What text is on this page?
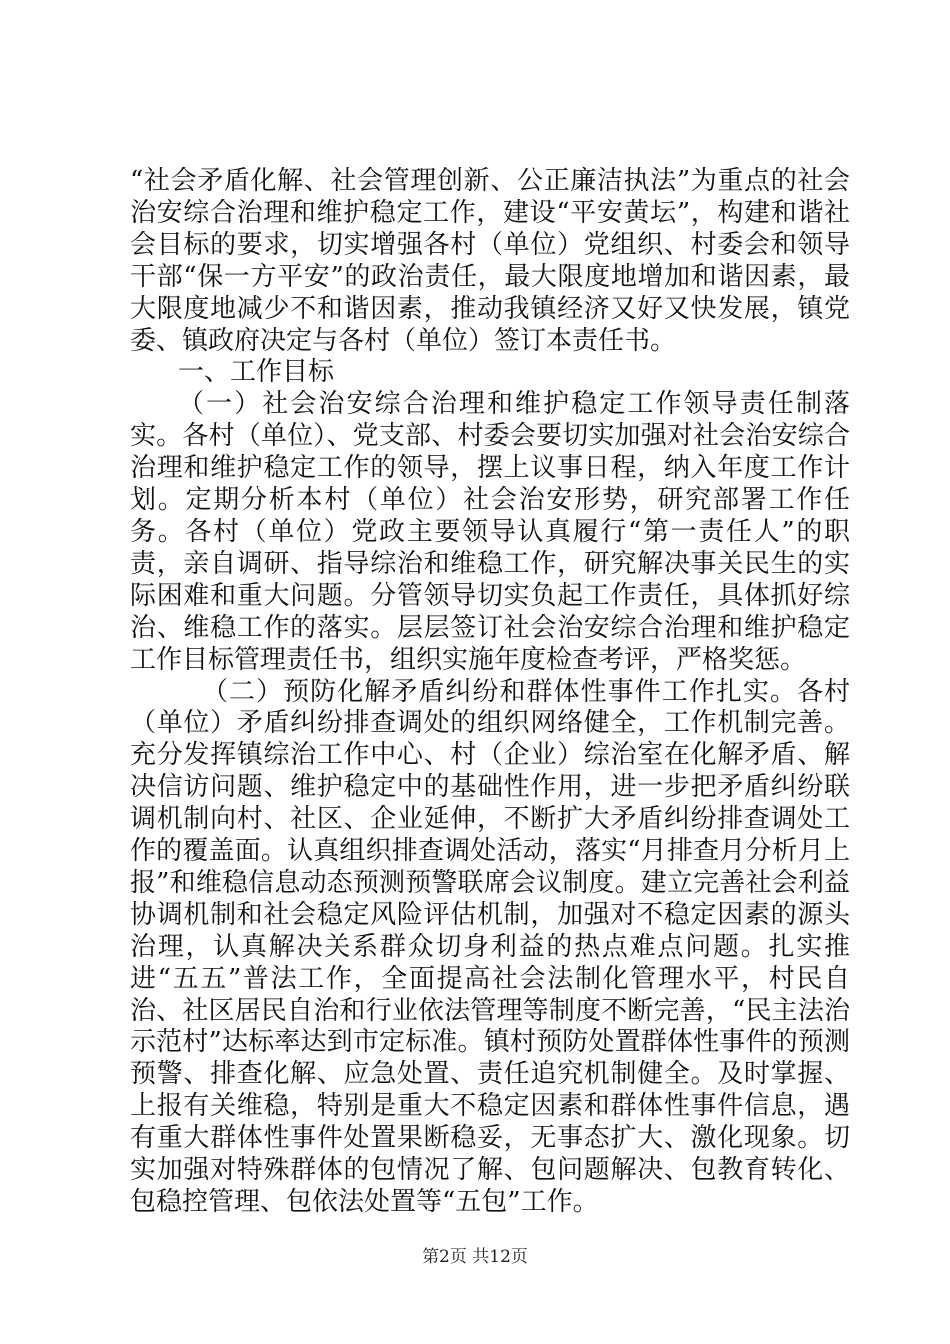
“社会矛盾化解、社会管理创新、公正廉洁执法”为重点的社会治安综合治理和维护稳定工作，建设“平安黄坛”，构建和谐社会目标的要求，切实增强各村（单位）党组织、村委会和领导干部“保一方平安”的政治责任，最大限度地增加和谐因素，最大限度地减少不和谐因素，推动我镇经济又好又快发展，镇党委、镇政府决定与各村（单位）签订本责任书。

一、工作目标

（一）社会治安综合治理和维护稳定工作领导责任制落实。各村（单位）、党支部、村委会要切实加强对社会治安综合治理和维护稳定工作的领导，摆上议事日程，纳入年度工作计划。定期分析本村（单位）社会治安形势，研究部署工作任务。各村（单位）党政主要领导认真履行“第一责任人”的职责，亲自调研、指导综治和维稳工作，研究解决事关民生的实际困难和重大问题。分管领导切实负起工作责任，具体抓好综治、维稳工作的落实。层层签订社会治安综合治理和维护稳定工作目标管理责任书，组织实施年度检查考评，严格奖惩。

（二）预防化解矛盾纠纷和群体性事件工作扎实。各村（单位）矛盾纠纷排查调处的组织网络健全，工作机制完善。充分发挥镇综治工作中心、村（企业）综治室在化解矛盾、解决信访问题、维护稳定中的基础性作用，进一步把矛盾纠纷联调机制向村、社区、企业延伸，不断扩大矛盾纠纷排查调处工作的覆盖面。认真组织排查调处活动，落实“月排查月分析月上报”和维稳信息动态预测预警联席会议制度。建立完善社会利益协调机制和社会稳定风险评估机制，加强对不稳定因素的源头治理，认真解决关系群众切身利益的热点难点问题。扎实推进“五五”普法工作，全面提高社会法制化管理水平，村民自治、社区居民自治和行业依法管理等制度不断完善，“民主法治示范村”达标率达到市定标准。镇村预防处置群体性事件的预测预警、排查化解、应急处置、责任追究机制健全。及时掌握、上报有关维稳，特别是重大不稳定因素和群体性事件信息，遇有重大群体性事件处置果断稳妥，无事态扩大、激化现象。切实加强对特殊群体的包情况了解、包问题解决、包教育转化、包稳控管理、包依法处置等“五包”工作。

第2页 共12页
